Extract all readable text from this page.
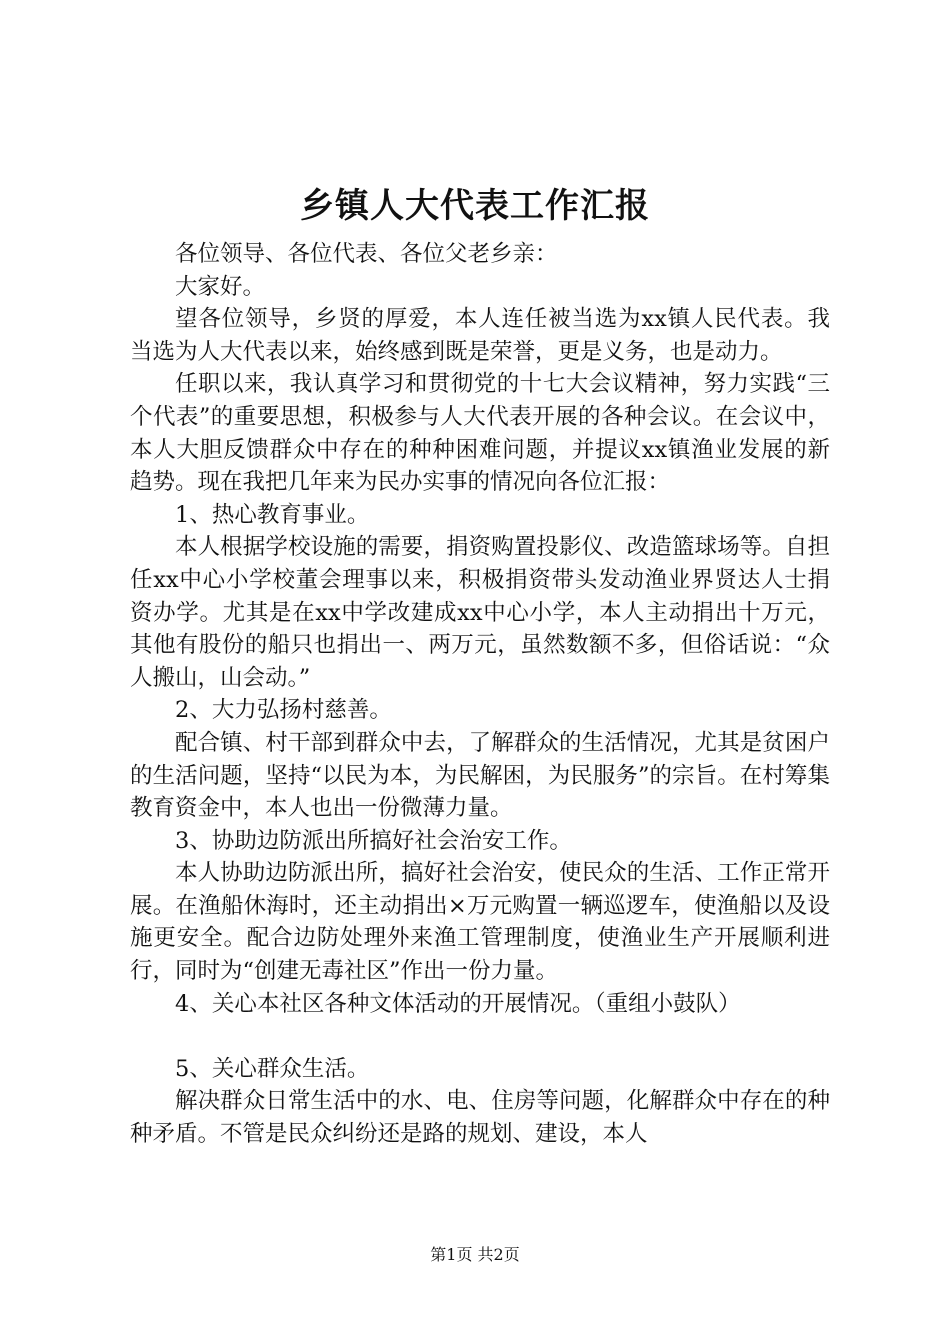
乡镇人大代表工作汇报

各位领导、各位代表、各位父老乡亲：

大家好。

望各位领导，乡贤的厚爱，本人连任被当选为xx镇人民代表。我当选为人大代表以来，始终感到既是荣誉，更是义务，也是动力。

任职以来，我认真学习和贯彻党的十七大会议精神，努力实践“三个代表”的重要思想，积极参与人大代表开展的各种会议。在会议中，本人大胆反馈群众中存在的种种困难问题，并提议xx镇渔业发展的新趋势。现在我把几年来为民办实事的情况向各位汇报：

1、热心教育事业。

本人根据学校设施的需要，捐资购置投影仪、改造篮球场等。自担任xx中心小学校董会理事以来，积极捐资带头发动渔业界贤达人士捐资办学。尤其是在xx中学改建成xx中心小学，本人主动捐出十万元，其他有股份的船只也捐出一、两万元，虽然数额不多，但俗话说：“众人搬山，山会动。”

2、大力弘扬村慈善。

配合镇、村干部到群众中去，了解群众的生活情况，尤其是贫困户的生活问题，坚持“以民为本，为民解困，为民服务”的宗旨。在村筹集教育资金中，本人也出一份微薄力量。

3、协助边防派出所搞好社会治安工作。

本人协助边防派出所，搞好社会治安，使民众的生活、工作正常开展。在渔船休海时，还主动捐出×万元购置一辆巡逻车，使渔船以及设施更安全。配合边防处理外来渔工管理制度，使渔业生产开展顺利进行，同时为“创建无毒社区”作出一份力量。

4、关心本社区各种文体活动的开展情况。（重组小鼓队）

5、关心群众生活。

解决群众日常生活中的水、电、住房等问题，化解群众中存在的种种矛盾。不管是民众纠纷还是路的规划、建设，本人

第1页 共2页
